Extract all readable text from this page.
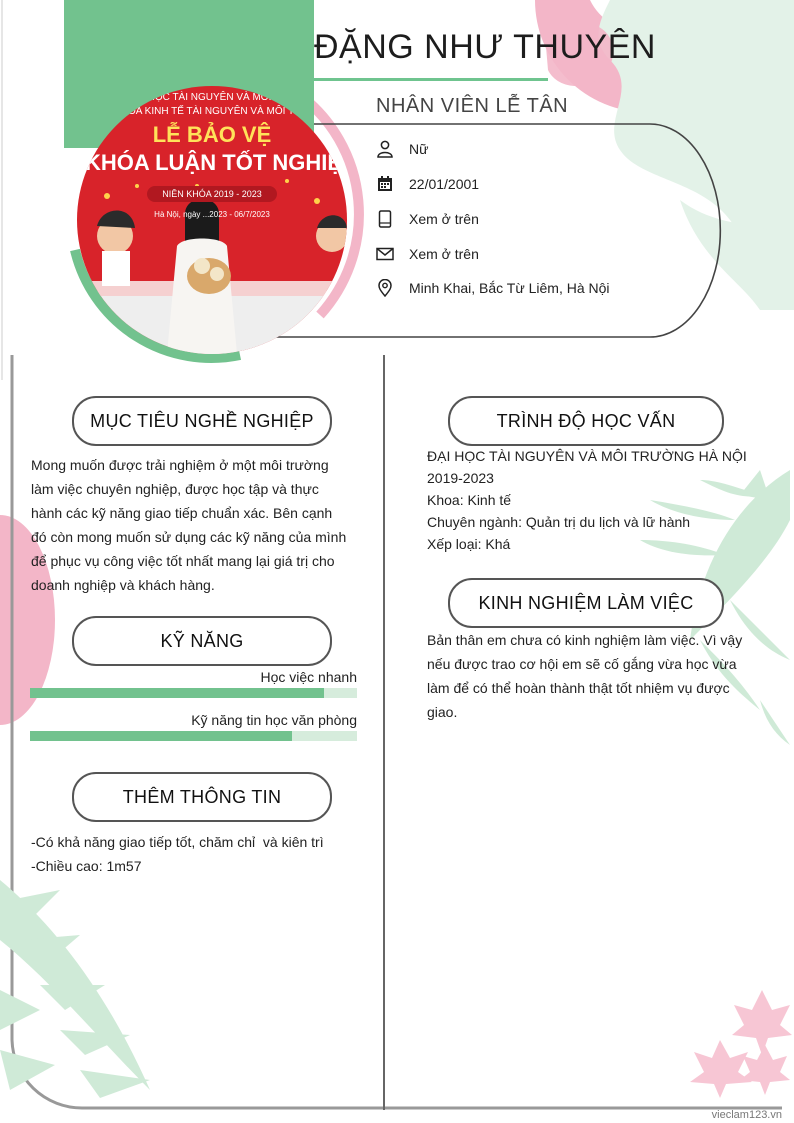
ĐẠI HỌC TÀI NGUYÊN VÀ MÔI TRƯ
KHOA KINH TẾ TÀI NGUYÊN VÀ MÔI TRƯ
LỄ BẢO VỆ
KHÓA LUẬN TỐT NGHIỆ
NIÊN KHÓA 2019 - 2023
Hà Nội, ngày ...2023 - 06/7/2023
ĐẶNG NHƯ THUYÊN
NHÂN VIÊN LỄ TÂN
Nữ
22/01/2001
Xem ở trên
Xem ở trên
Minh Khai, Bắc Từ Liêm, Hà Nội
MỤC TIÊU NGHỀ NGHIỆP
Mong muốn được trải nghiệm ở một môi trường
làm việc chuyên nghiệp, được học tập và thực
hành các kỹ năng giao tiếp chuẩn xác. Bên cạnh
đó còn mong muốn sử dụng các kỹ năng của mình
để phục vụ công việc tốt nhất mang lại giá trị cho
doanh nghiệp và khách hàng.
KỸ NĂNG
Học việc nhanh
Kỹ năng tin học văn phòng
THÊM THÔNG TIN
-Có khả năng giao tiếp tốt, chăm chỉ  và kiên trì
-Chiều cao: 1m57
TRÌNH ĐỘ HỌC VẤN
ĐẠI HỌC TÀI NGUYÊN VÀ MÔI TRƯỜNG HÀ NỘI
2019-2023
Khoa: Kinh tế
Chuyên ngành: Quản trị du lịch và lữ hành
Xếp loại: Khá
KINH NGHIỆM LÀM VIỆC
Bản thân em chưa có kinh nghiệm làm việc. Vì vậy
nếu được trao cơ hội em sẽ cố gắng vừa học vừa
làm để có thể hoàn thành thật tốt nhiệm vụ được
giao.
vieclam123.vn
